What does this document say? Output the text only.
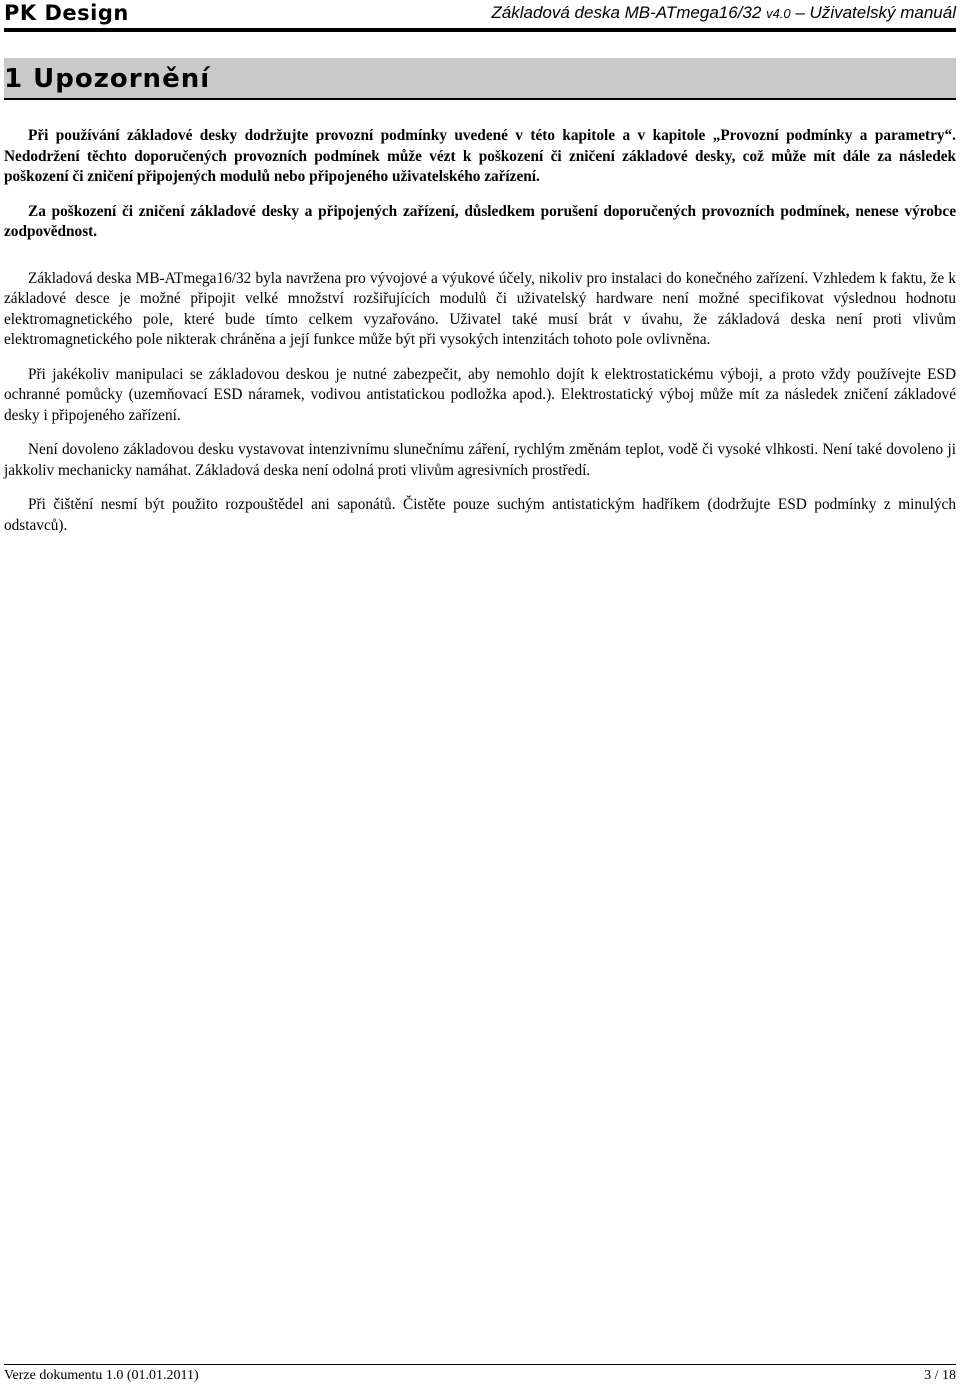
PK Design	Základová deska MB-ATmega16/32 v4.0 – Uživatelský manuál
1 Upozornění

Při používání základové desky dodržujte provozní podmínky uvedené v této kapitole a v kapitole „Provozní podmínky a parametry“. Nedodržení těchto doporučených provozních podmínek může vézt k poškození či zničení základové desky, což může mít dále za následek poškození či zničení připojených modulů nebo připojeného uživatelského zařízení.

Za poškození či zničení základové desky a připojených zařízení, důsledkem porušení doporučených provozních podmínek, nenese výrobce zodpovědnost.

Základová deska MB-ATmega16/32 byla navržena pro vývojové a výukové účely, nikoliv pro instalaci do konečného zařízení. Vzhledem k faktu, že k základové desce je možné připojit velké množství rozšiřujících modulů či uživatelský hardware není možné specifikovat výslednou hodnotu elektromagnetického pole, které bude tímto celkem vyzařováno. Uživatel také musí brát v úvahu, že základová deska není proti vlivům elektromagnetického pole nikterak chráněna a její funkce může být při vysokých intenzitách tohoto pole ovlivněna.

Při jakékoliv manipulaci se základovou deskou je nutné zabezpečit, aby nemohlo dojít k elektrostatickému výboji, a proto vždy používejte ESD ochranné pomůcky (uzemňovací ESD náramek, vodivou antistatickou podložka apod.). Elektrostatický výboj může mít za následek zničení základové desky i připojeného zařízení.

Není dovoleno základovou desku vystavovat intenzivnímu slunečnímu záření, rychlým změnám teplot, vodě či vysoké vlhkosti. Není také dovoleno ji jakkoliv mechanicky namáhat. Základová deska není odolná proti vlivům agresivních prostředí.

Při čištění nesmí být použito rozpouštědel ani saponátů. Čistěte pouze suchým antistatickým hadříkem (dodržujte ESD podmínky z minulých odstavců).

Verze dokumentu 1.0 (01.01.2011)	3 / 18
